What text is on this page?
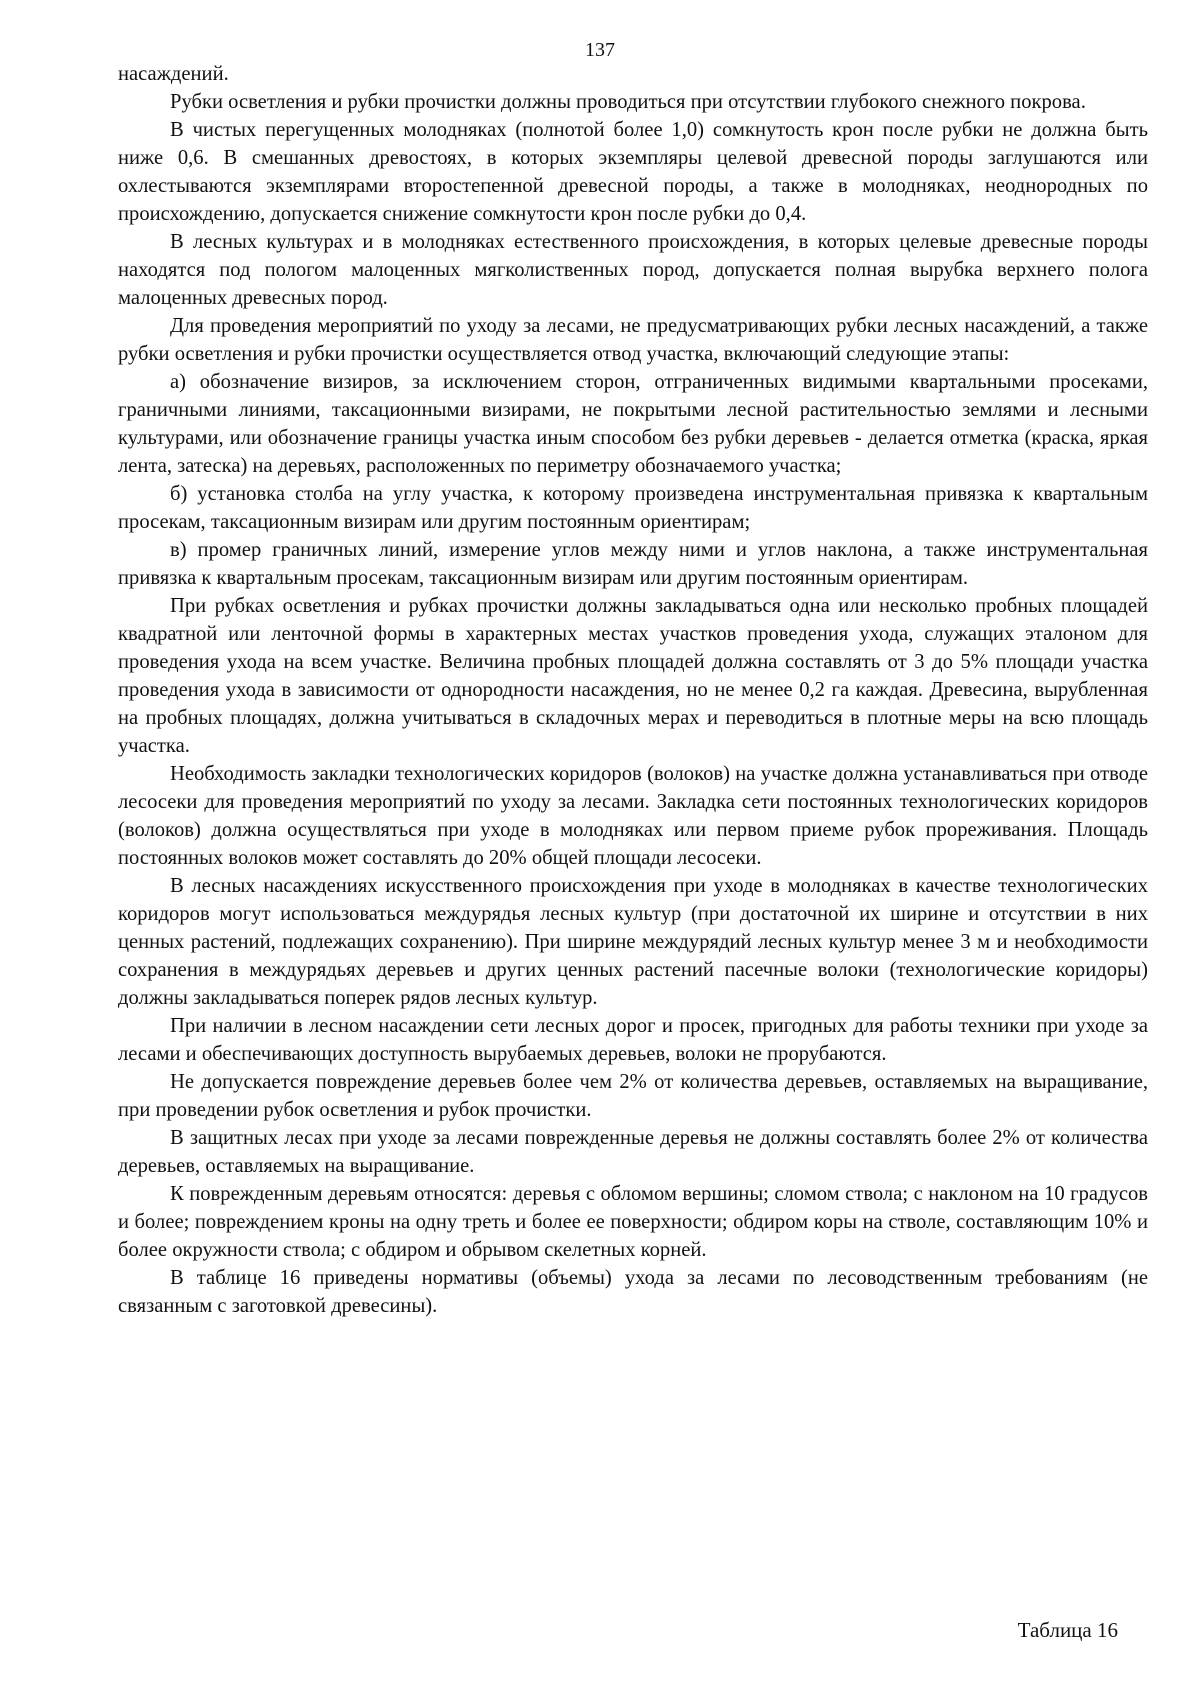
137

насаждений.

Рубки осветления и рубки прочистки должны проводиться при отсутствии глубокого снежного покрова.

В чистых перегущенных молодняках (полнотой более 1,0) сомкнутость крон после рубки не должна быть ниже 0,6. В смешанных древостоях, в которых экземпляры целевой древесной породы заглушаются или охлестываются экземплярами второстепенной древесной породы, а также в молодняках, неоднородных по происхождению, допускается снижение сомкнутости крон после рубки до 0,4.

В лесных культурах и в молодняках естественного происхождения, в которых целевые древесные породы находятся под пологом малоценных мягколиственных пород, допускается полная вырубка верхнего полога малоценных древесных пород.

Для проведения мероприятий по уходу за лесами, не предусматривающих рубки лесных насаждений, а также рубки осветления и рубки прочистки осуществляется отвод участка, включающий следующие этапы:

а) обозначение визиров, за исключением сторон, отграниченных видимыми квартальными просеками, граничными линиями, таксационными визирами, не покрытыми лесной растительностью землями и лесными культурами, или обозначение границы участка иным способом без рубки деревьев - делается отметка (краска, яркая лента, затеска) на деревьях, расположенных по периметру обозначаемого участка;

б) установка столба на углу участка, к которому произведена инструментальная привязка к квартальным просекам, таксационным визирам или другим постоянным ориентирам;

в) промер граничных линий, измерение углов между ними и углов наклона, а также инструментальная привязка к квартальным просекам, таксационным визирам или другим постоянным ориентирам.

При рубках осветления и рубках прочистки должны закладываться одна или несколько пробных площадей квадратной или ленточной формы в характерных местах участков проведения ухода, служащих эталоном для проведения ухода на всем участке. Величина пробных площадей должна составлять от 3 до 5% площади участка проведения ухода в зависимости от однородности насаждения, но не менее 0,2 га каждая. Древесина, вырубленная на пробных площадях, должна учитываться в складочных мерах и переводиться в плотные меры на всю площадь участка.

Необходимость закладки технологических коридоров (волоков) на участке должна устанавливаться при отводе лесосеки для проведения мероприятий по уходу за лесами. Закладка сети постоянных технологических коридоров (волоков) должна осуществляться при уходе в молодняках или первом приеме рубок прореживания. Площадь постоянных волоков может составлять до 20% общей площади лесосеки.

В лесных насаждениях искусственного происхождения при уходе в молодняках в качестве технологических коридоров могут использоваться междурядья лесных культур (при достаточной их ширине и отсутствии в них ценных растений, подлежащих сохранению). При ширине междурядий лесных культур менее 3 м и необходимости сохранения в междурядьях деревьев и других ценных растений пасечные волоки (технологические коридоры) должны закладываться поперек рядов лесных культур.

При наличии в лесном насаждении сети лесных дорог и просек, пригодных для работы техники при уходе за лесами и обеспечивающих доступность вырубаемых деревьев, волоки не прорубаются.

Не допускается повреждение деревьев более чем 2% от количества деревьев, оставляемых на выращивание, при проведении рубок осветления и рубок прочистки.

В защитных лесах при уходе за лесами поврежденные деревья не должны составлять более 2% от количества деревьев, оставляемых на выращивание.

К поврежденным деревьям относятся: деревья с обломом вершины; сломом ствола; с наклоном на 10 градусов и более; повреждением кроны на одну треть и более ее поверхности; обдиром коры на стволе, составляющим 10% и более окружности ствола; с обдиром и обрывом скелетных корней.

В таблице 16 приведены нормативы (объемы) ухода за лесами по лесоводственным требованиям (не связанным с заготовкой древесины).

Таблица 16
